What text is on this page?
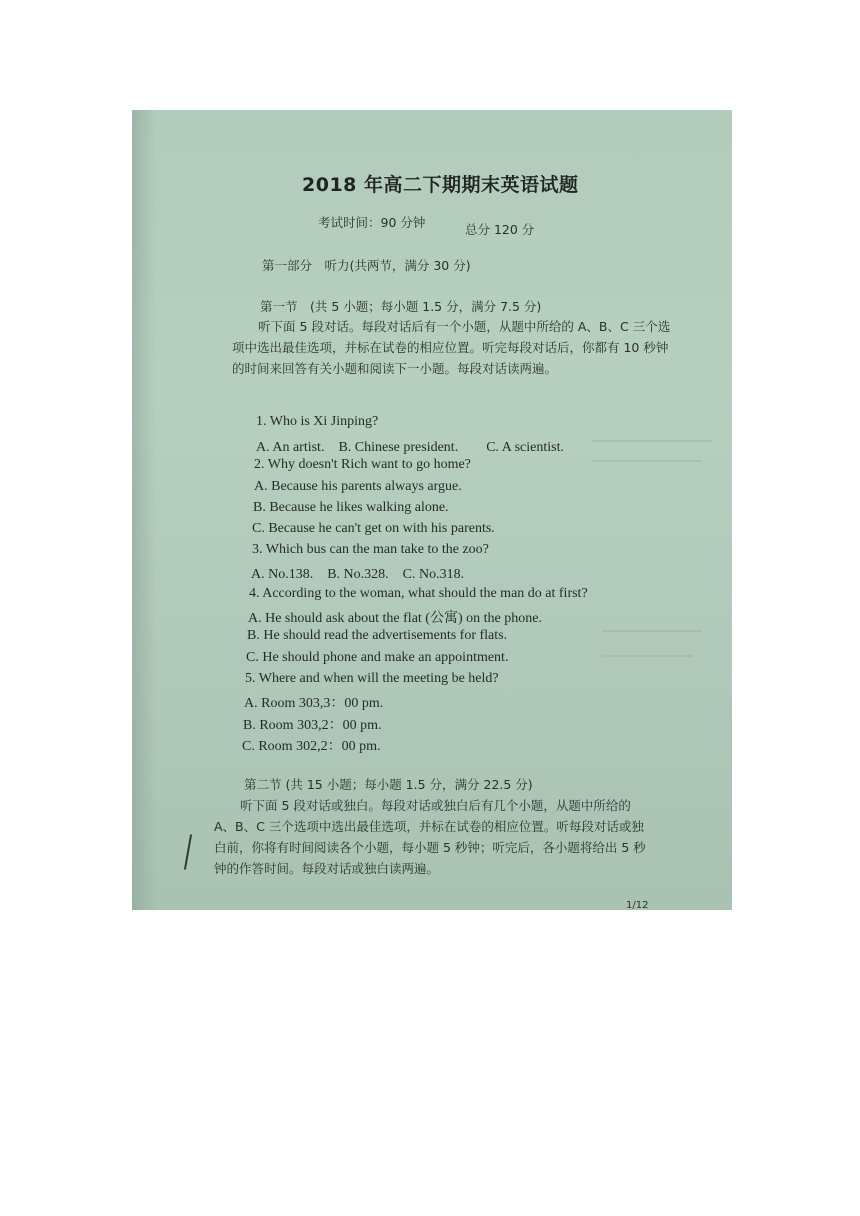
2018 年高二下期期末英语试题

考试时间：90 分钟	总分 120 分

第一部分　听力(共两节，满分 30 分)

第一节　(共 5 小题；每小题 1.5 分，满分 7.5 分)

听下面 5 段对话。每段对话后有一个小题，从题中所给的 A、B、C 三个选项中选出最佳选项，并标在试卷的相应位置。听完每段对话后，你都有 10 秒钟的时间来回答有关小题和阅读下一小题。每段对话读两遍。

1. Who is Xi Jinping?

A. An artist.　B. Chinese president.　　C. A scientist.

2. Why doesn't Rich want to go home?

A. Because his parents always argue.

B. Because he likes walking alone.

C. Because he can't get on with his parents.

3. Which bus can the man take to the zoo?

A. No.138.　B. No.328.　C. No.318.

4. According to the woman, what should the man do at first?

A. He should ask about the flat (公寓) on the phone.

B. He should read the advertisements for flats.

C. He should phone and make an appointment.

5. Where and when will the meeting be held?

A. Room 303,3：00 pm.

B. Room 303,2：00 pm.

C. Room 302,2：00 pm.

第二节 (共 15 小题；每小题 1.5 分，满分 22.5 分)

听下面 5 段对话或独白。每段对话或独白后有几个小题，从题中所给的 A、B、C 三个选项中选出最佳选项，并标在试卷的相应位置。听每段对话或独白前，你将有时间阅读各个小题，每小题 5 秒钟；听完后，各小题将给出 5 秒钟的作答时间。每段对话或独白读两遍。

1/12
